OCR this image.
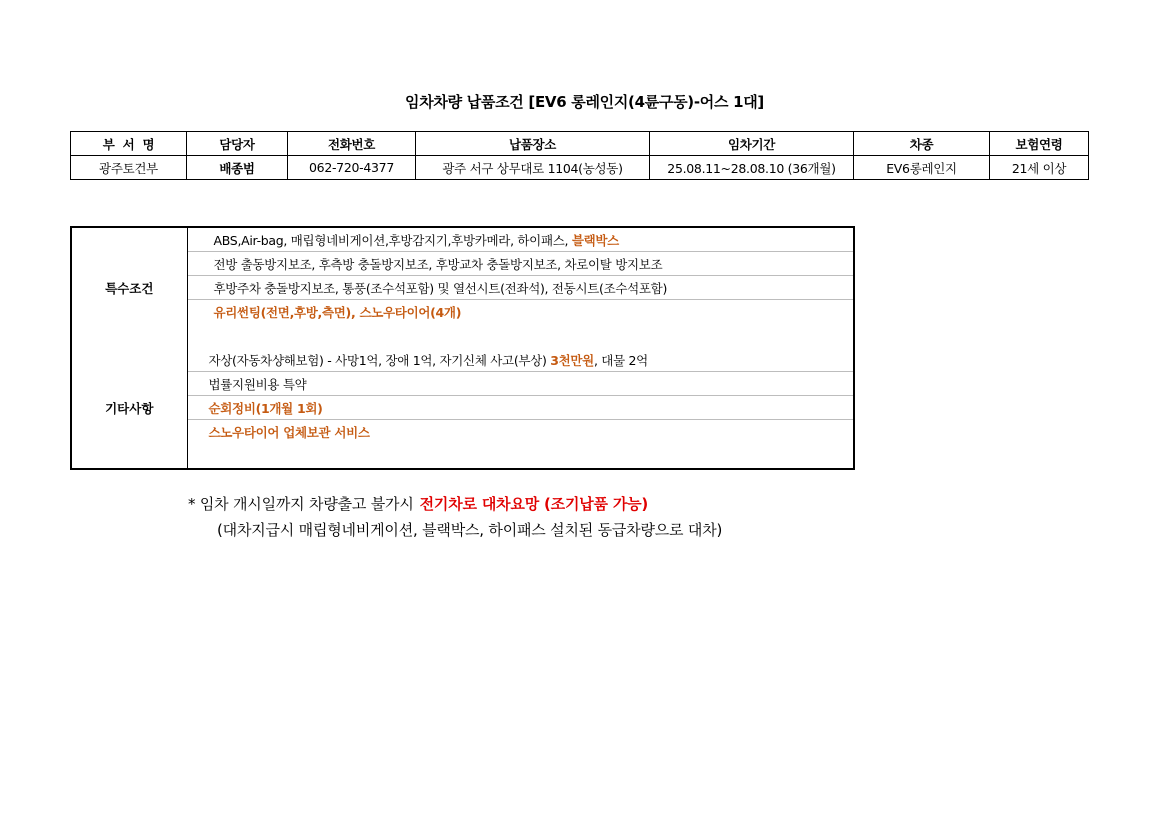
임차차량 납품조건 [EV6 롱레인지(4륜구동)-어스 1대]
부  서  명	담당자	전화번호	납품장소	임차기간	차종	보험연령
광주토건부	배종범	062-720-4377	광주 서구 상무대로 1104(농성동)	25.08.11~28.08.10 (36개월)	EV6롱레인지	21세 이상
특수조건	ABS,Air-bag, 매립형네비게이션,후방감지기,후방카메라, 하이패스, 블랙박스
	전방 출동방지보조, 후측방 충돌방지보조, 후방교차 충돌방지보조, 차로이탈 방지보조
	후방주차 충돌방지보조, 통풍(조수석포함) 및 열선시트(전좌석), 전동시트(조수석포함)
	유리썬팅(전면,후방,측면), 스노우타이어(4개)
기타사항	자상(자동차샹해보험) - 사망1억, 장애 1억, 자기신체 사고(부상) 3천만원, 대물 2억
	법률지원비용 특약
	순회정비(1개월 1회)
	스노우타이어 업체보관 서비스
* 임차 개시일까지 차량출고 불가시 전기차로 대차요망 (조기납품 가능)
(대차지급시 매립형네비게이션, 블랙박스, 하이패스 설치된 동급차량으로 대차)
